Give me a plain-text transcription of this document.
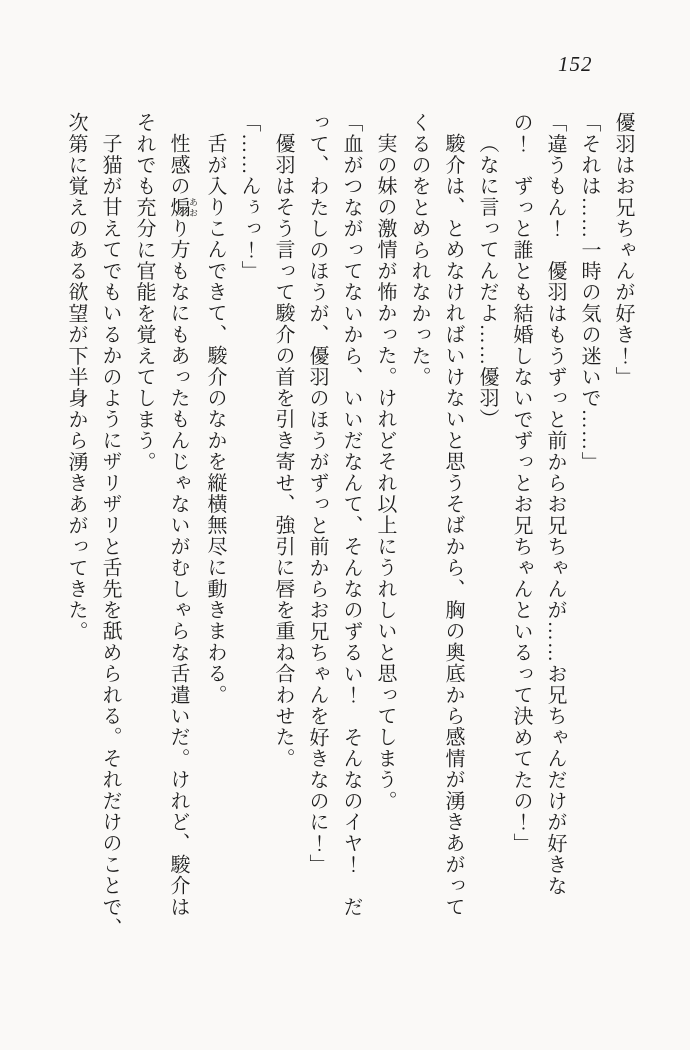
152
優羽はお兄ちゃんが好き！」
「それは……一時の気の迷いで……」
「違うもん！　優羽はもうずっと前からお兄ちゃんが……お兄ちゃんだけが好きな
の！　ずっと誰とも結婚しないでずっとお兄ちゃんといるって決めてたの！」
（なに言ってんだよ……優羽）
駿介は、とめなければいけないと思うそばから、胸の奥底から感情が湧きあがって
くるのをとめられなかった。
実の妹の激情が怖かった。けれどそれ以上にうれしいと思ってしまう。
「血がつながってないから、いいだなんて、そんなのずるい！　そんなのイヤ！　だ
って、わたしのほうが、優羽のほうがずっと前からお兄ちゃんを好きなのに！」
優羽はそう言って駿介の首を引き寄せ、強引に唇を重ね合わせた。
「……んぅっ！」
舌が入りこんできて、駿介のなかを縦横無尽に動きまわる。
性感の煽 あおり方もなにもあったもんじゃないがむしゃらな舌遣いだ。けれど、駿介は
それでも充分に官能を覚えてしまう。
子猫が甘えてでもいるかのようにザリザリと舌先を舐められる。それだけのことで、
次第に覚えのある欲望が下半身から湧きあがってきた。
